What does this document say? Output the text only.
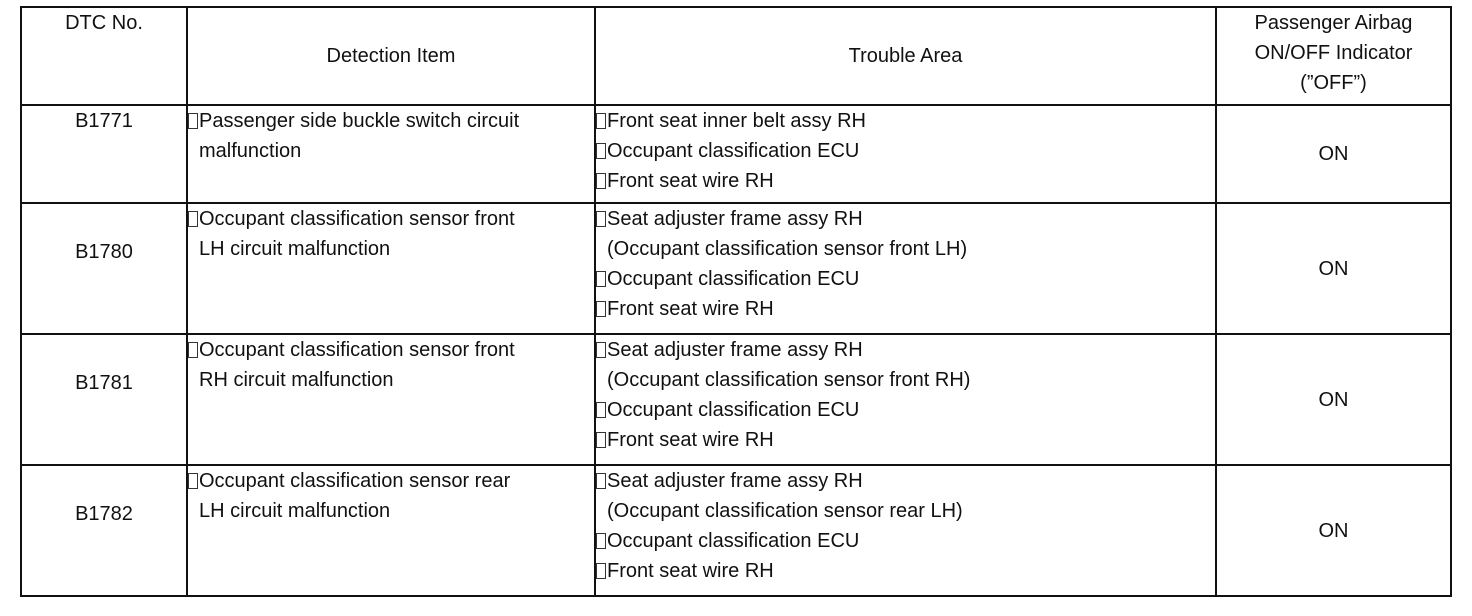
DTC No.	Detection Item	Trouble Area	Passenger Airbag
ON/OFF Indicator
(”OFF”)

B1771	Passenger side buckle switch circuit
malfunction	Front seat inner belt assy RH
Occupant classification ECU
Front seat wire RH	ON
B1780	Occupant classification sensor front
LH circuit malfunction	Seat adjuster frame assy RH
(Occupant classification sensor front LH)
Occupant classification ECU
Front seat wire RH	ON
B1781	Occupant classification sensor front
RH circuit malfunction	Seat adjuster frame assy RH
(Occupant classification sensor front RH)
Occupant classification ECU
Front seat wire RH	ON
B1782	Occupant classification sensor rear
LH circuit malfunction	Seat adjuster frame assy RH
(Occupant classification sensor rear LH)
Occupant classification ECU
Front seat wire RH	ON
